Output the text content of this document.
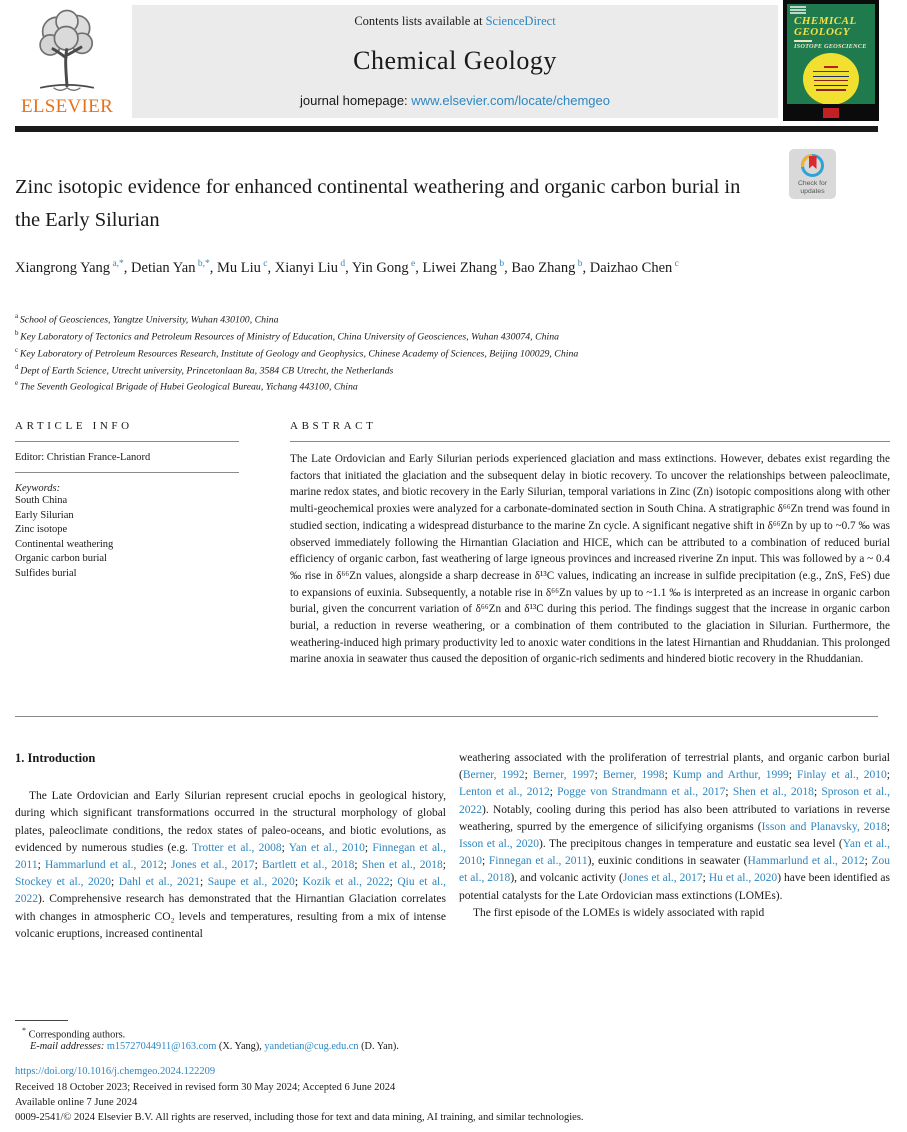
ELSEVIER
Contents lists available at ScienceDirect
Chemical Geology
journal homepage: www.elsevier.com/locate/chemgeo
CHEMICAL
GEOLOGY
ISOTOPE GEOSCIENCE
Check for
updates
Zinc isotopic evidence for enhanced continental weathering and organic carbon burial in the Early Silurian
Xiangrong Yang $^{a,*}$, Detian Yan $^{b,*}$, Mu Liu $^c$, Xianyi Liu $^d$, Yin Gong $^e$, Liwei Zhang $^b$, Bao Zhang $^b$, Daizhao Chen $^c$
$^a$ School of Geosciences, Yangtze University, Wuhan 430100, China
$^b$ Key Laboratory of Tectonics and Petroleum Resources of Ministry of Education, China University of Geosciences, Wuhan 430074, China
$^c$ Key Laboratory of Petroleum Resources Research, Institute of Geology and Geophysics, Chinese Academy of Sciences, Beijing 100029, China
$^d$ Dept of Earth Science, Utrecht university, Princetonlaan 8a, 3584 CB Utrecht, the Netherlands
$^e$ The Seventh Geological Brigade of Hubei Geological Bureau, Yichang 443100, China
ARTICLE INFO
Editor: Christian France-Lanord
Keywords:
South China
Early Silurian
Zinc isotope
Continental weathering
Organic carbon burial
Sulfides burial
ABSTRACT
The Late Ordovician and Early Silurian periods experienced glaciation and mass extinctions. However, debates exist regarding the factors that initiated the glaciation and the subsequent delay in biotic recovery. To uncover the relationships between paleoclimate, marine redox states, and biotic recovery in the Early Silurian, temporal variations in Zinc (Zn) isotopic compositions along with other multi-geochemical proxies were analyzed for a carbonate-dominated section in South China. A stratigraphic δ⁶⁶Zn trend was found in studied section, indicating a widespread disturbance to the marine Zn cycle. A significant negative shift in δ⁶⁶Zn by up to ~0.7 ‰ was observed immediately following the Hirnantian Glaciation and HICE, which can be attributed to a combination of reduced burial efficiency of organic carbon, fast weathering of large igneous provinces and increased riverine Zn input. This was followed by a ~ 0.4 ‰ rise in δ⁶⁶Zn values, alongside a sharp decrease in δ¹³C values, indicating an increase in sulfide precipitation (e.g., ZnS, FeS) due to expansions of euxinia. Subsequently, a notable rise in δ⁶⁶Zn values by up to ~1.1 ‰ is interpreted as an increase in organic carbon burial, given the concurrent variation of δ⁶⁶Zn and δ¹³C during this period. The findings suggest that the increase in organic carbon burial, a reduction in reverse weathering, or a combination of them contributed to the glaciation in Silurian. Furthermore, the weathering-induced high primary productivity led to anoxic water conditions in the latest Hirnantian and Rhuddanian. This prolonged marine anoxia in seawater thus caused the deposition of organic-rich sediments and hindered biotic recovery in the Rhuddanian.
1. Introduction
The Late Ordovician and Early Silurian represent crucial epochs in geological history, during which significant transformations occurred in the structural morphology of global plates, paleoclimate conditions, the redox states of paleo-oceans, and biotic evolutions, as evidenced by numerous studies (e.g. Trotter et al., 2008; Yan et al., 2010; Finnegan et al., 2011; Hammarlund et al., 2012; Jones et al., 2017; Bartlett et al., 2018; Shen et al., 2018; Stockey et al., 2020; Dahl et al., 2021; Saupe et al., 2020; Kozik et al., 2022; Qiu et al., 2022). Comprehensive research has demonstrated that the Hirnantian Glaciation correlates with changes in atmospheric CO₂ levels and temperatures, resulting from a mix of intense volcanic eruptions, increased continental
weathering associated with the proliferation of terrestrial plants, and organic carbon burial (Berner, 1992; Berner, 1997; Berner, 1998; Kump and Arthur, 1999; Finlay et al., 2010; Lenton et al., 2012; Pogge von Strandmann et al., 2017; Shen et al., 2018; Sproson et al., 2022). Notably, cooling during this period has also been attributed to variations in reverse weathering, spurred by the emergence of silicifying organisms (Isson and Planavsky, 2018; Isson et al., 2020). The precipitous changes in temperature and eustatic sea level (Yan et al., 2010; Finnegan et al., 2011), euxinic conditions in seawater (Hammarlund et al., 2012; Zou et al., 2018), and volcanic activity (Jones et al., 2017; Hu et al., 2020) have been identified as potential catalysts for the Late Ordovician mass extinctions (LOMEs).
The first episode of the LOMEs is widely associated with rapid
* Corresponding authors.
E-mail addresses: m15727044911@163.com (X. Yang), yandetian@cug.edu.cn (D. Yan).
https://doi.org/10.1016/j.chemgeo.2024.122209
Received 18 October 2023; Received in revised form 30 May 2024; Accepted 6 June 2024
Available online 7 June 2024
0009-2541/© 2024 Elsevier B.V. All rights are reserved, including those for text and data mining, AI training, and similar technologies.
